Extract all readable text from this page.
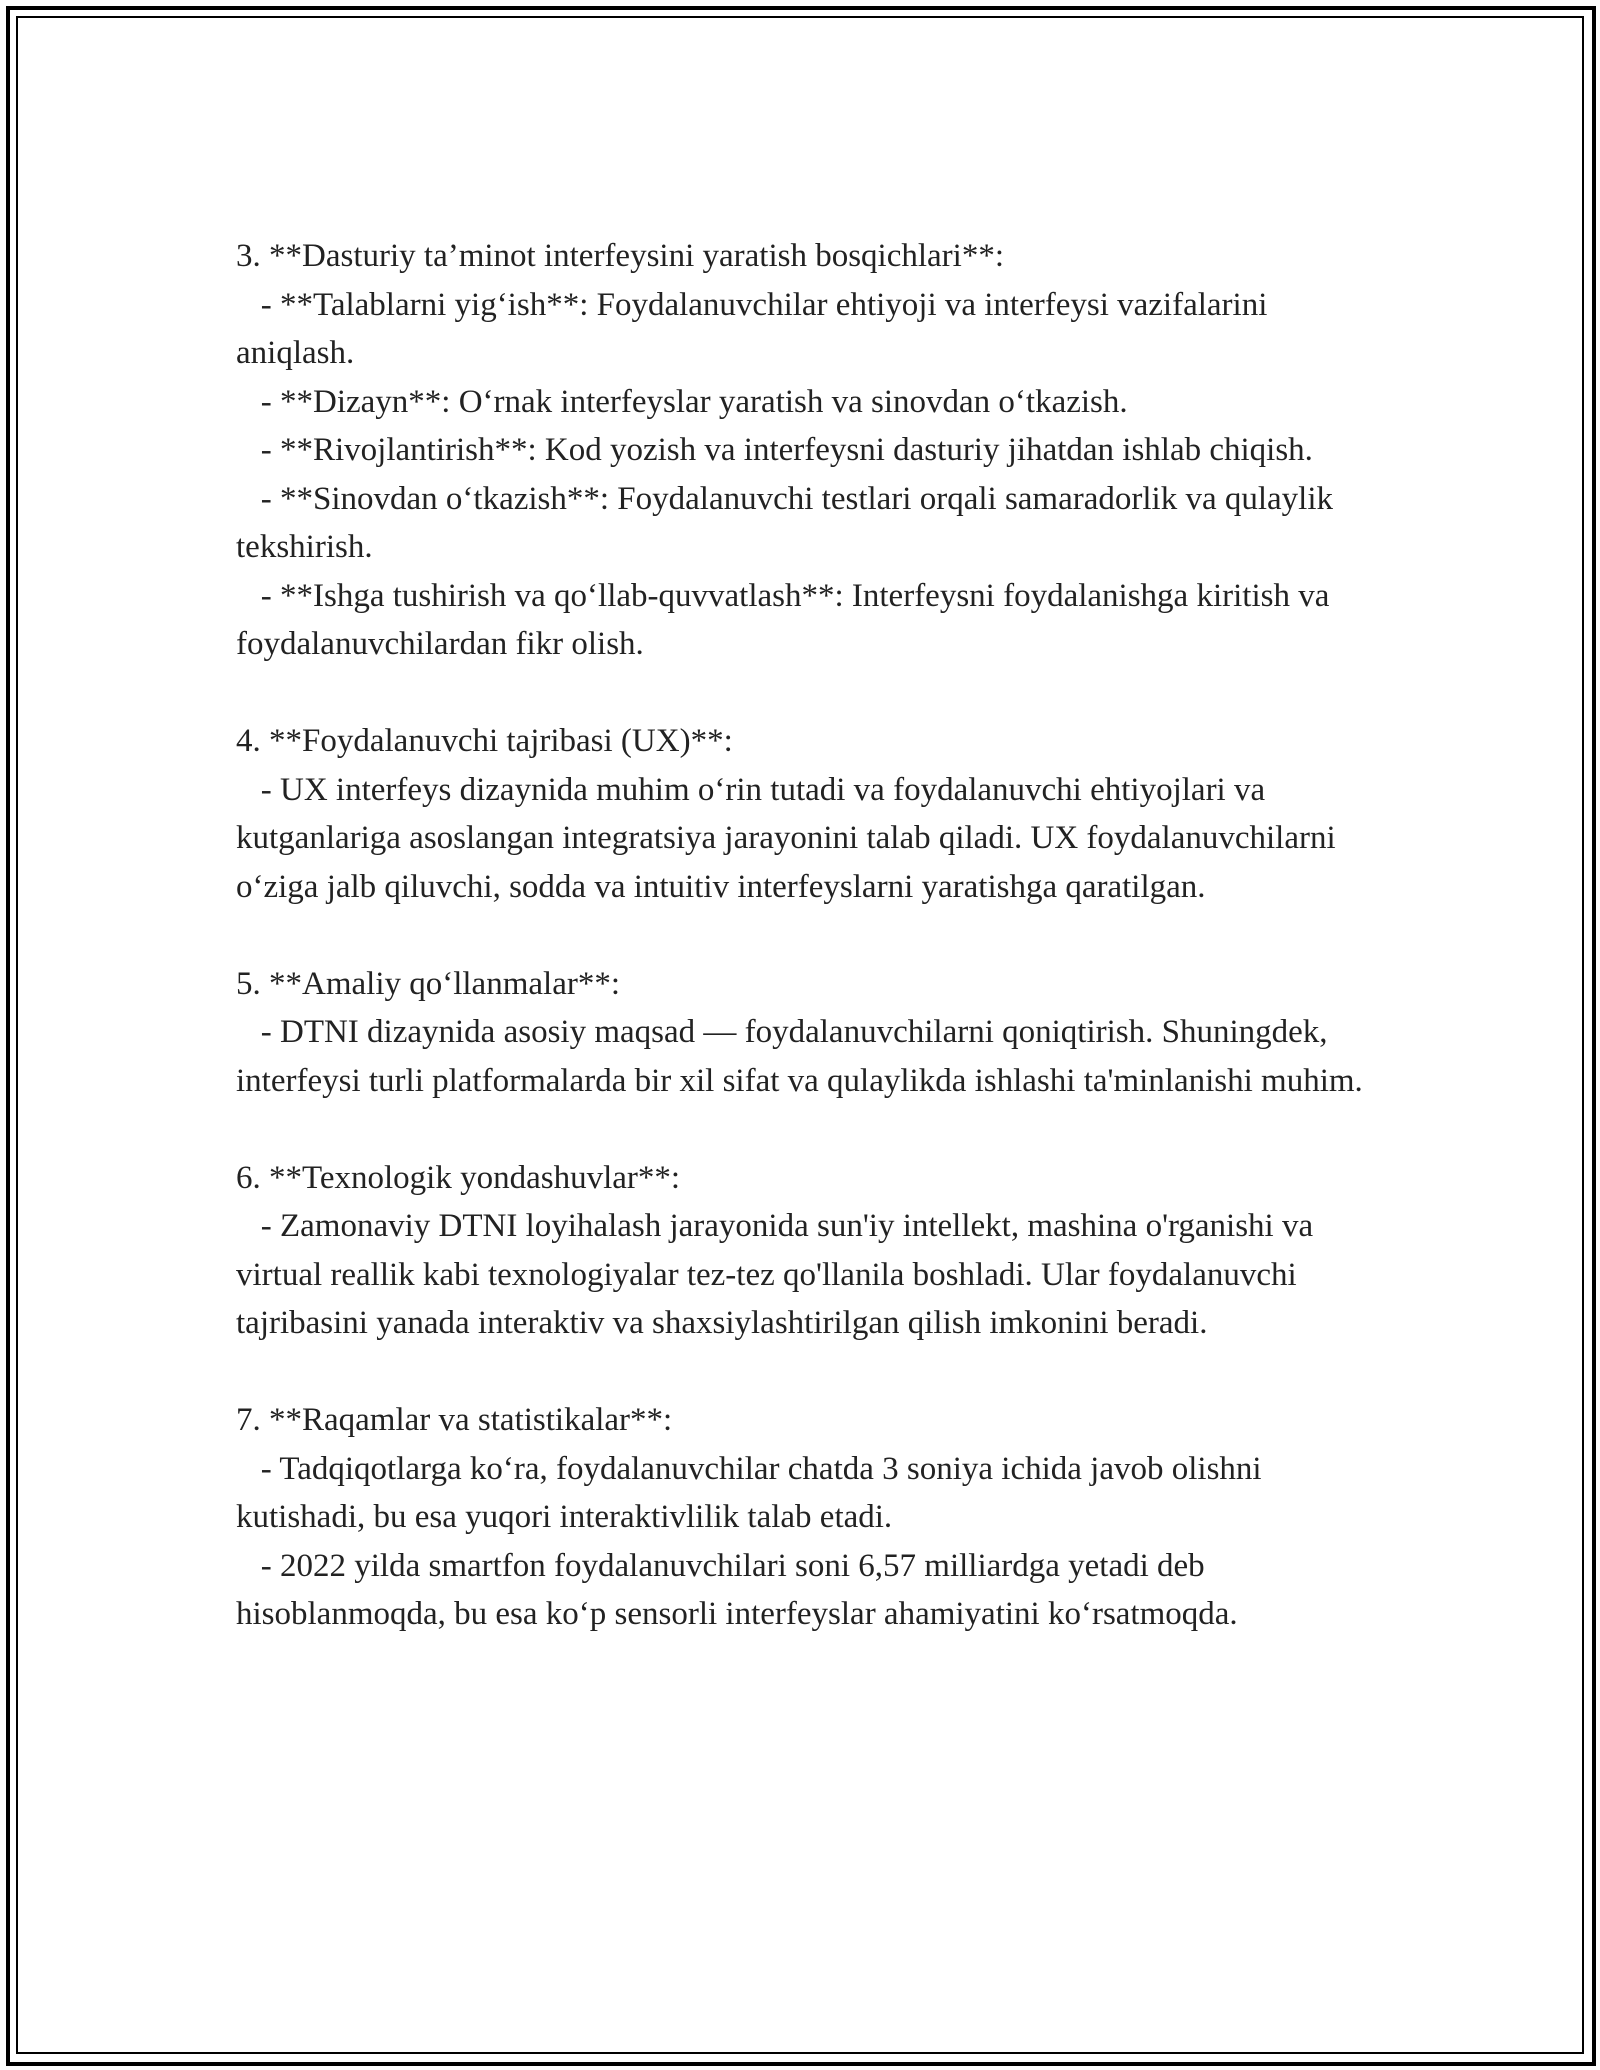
3. **Dasturiy ta’minot interfeysini yaratish bosqichlari**:

- **Talablarni yig‘ish**: Foydalanuvchilar ehtiyoji va interfeysi vazifalarini aniqlash.

- **Dizayn**: O‘rnak interfeyslar yaratish va sinovdan o‘tkazish.

- **Rivojlantirish**: Kod yozish va interfeysni dasturiy jihatdan ishlab chiqish.

- **Sinovdan o‘tkazish**: Foydalanuvchi testlari orqali samaradorlik va qulaylik tekshirish.

- **Ishga tushirish va qo‘llab-quvvatlash**: Interfeysni foydalanishga kiritish va foydalanuvchilardan fikr olish.

4. **Foydalanuvchi tajribasi (UX)**:

- UX interfeys dizaynida muhim o‘rin tutadi va foydalanuvchi ehtiyojlari va kutganlariga asoslangan integratsiya jarayonini talab qiladi. UX foydalanuvchilarni o‘ziga jalb qiluvchi, sodda va intuitiv interfeyslarni yaratishga qaratilgan.

5. **Amaliy qo‘llanmalar**:

- DTNI dizaynida asosiy maqsad — foydalanuvchilarni qoniqtirish. Shuningdek, interfeysi turli platformalarda bir xil sifat va qulaylikda ishlashi ta'minlanishi muhim.

6. **Texnologik yondashuvlar**:

- Zamonaviy DTNI loyihalash jarayonida sun'iy intellekt, mashina o'rganishi va virtual reallik kabi texnologiyalar tez-tez qo'llanila boshladi. Ular foydalanuvchi tajribasini yanada interaktiv va shaxsiylashtirilgan qilish imkonini beradi.

7. **Raqamlar va statistikalar**:

- Tadqiqotlarga ko‘ra, foydalanuvchilar chatda 3 soniya ichida javob olishni kutishadi, bu esa yuqori interaktivlilik talab etadi.

- 2022 yilda smartfon foydalanuvchilari soni 6,57 milliardga yetadi deb hisoblanmoqda, bu esa ko‘p sensorli interfeyslar ahamiyatini ko‘rsatmoqda.
